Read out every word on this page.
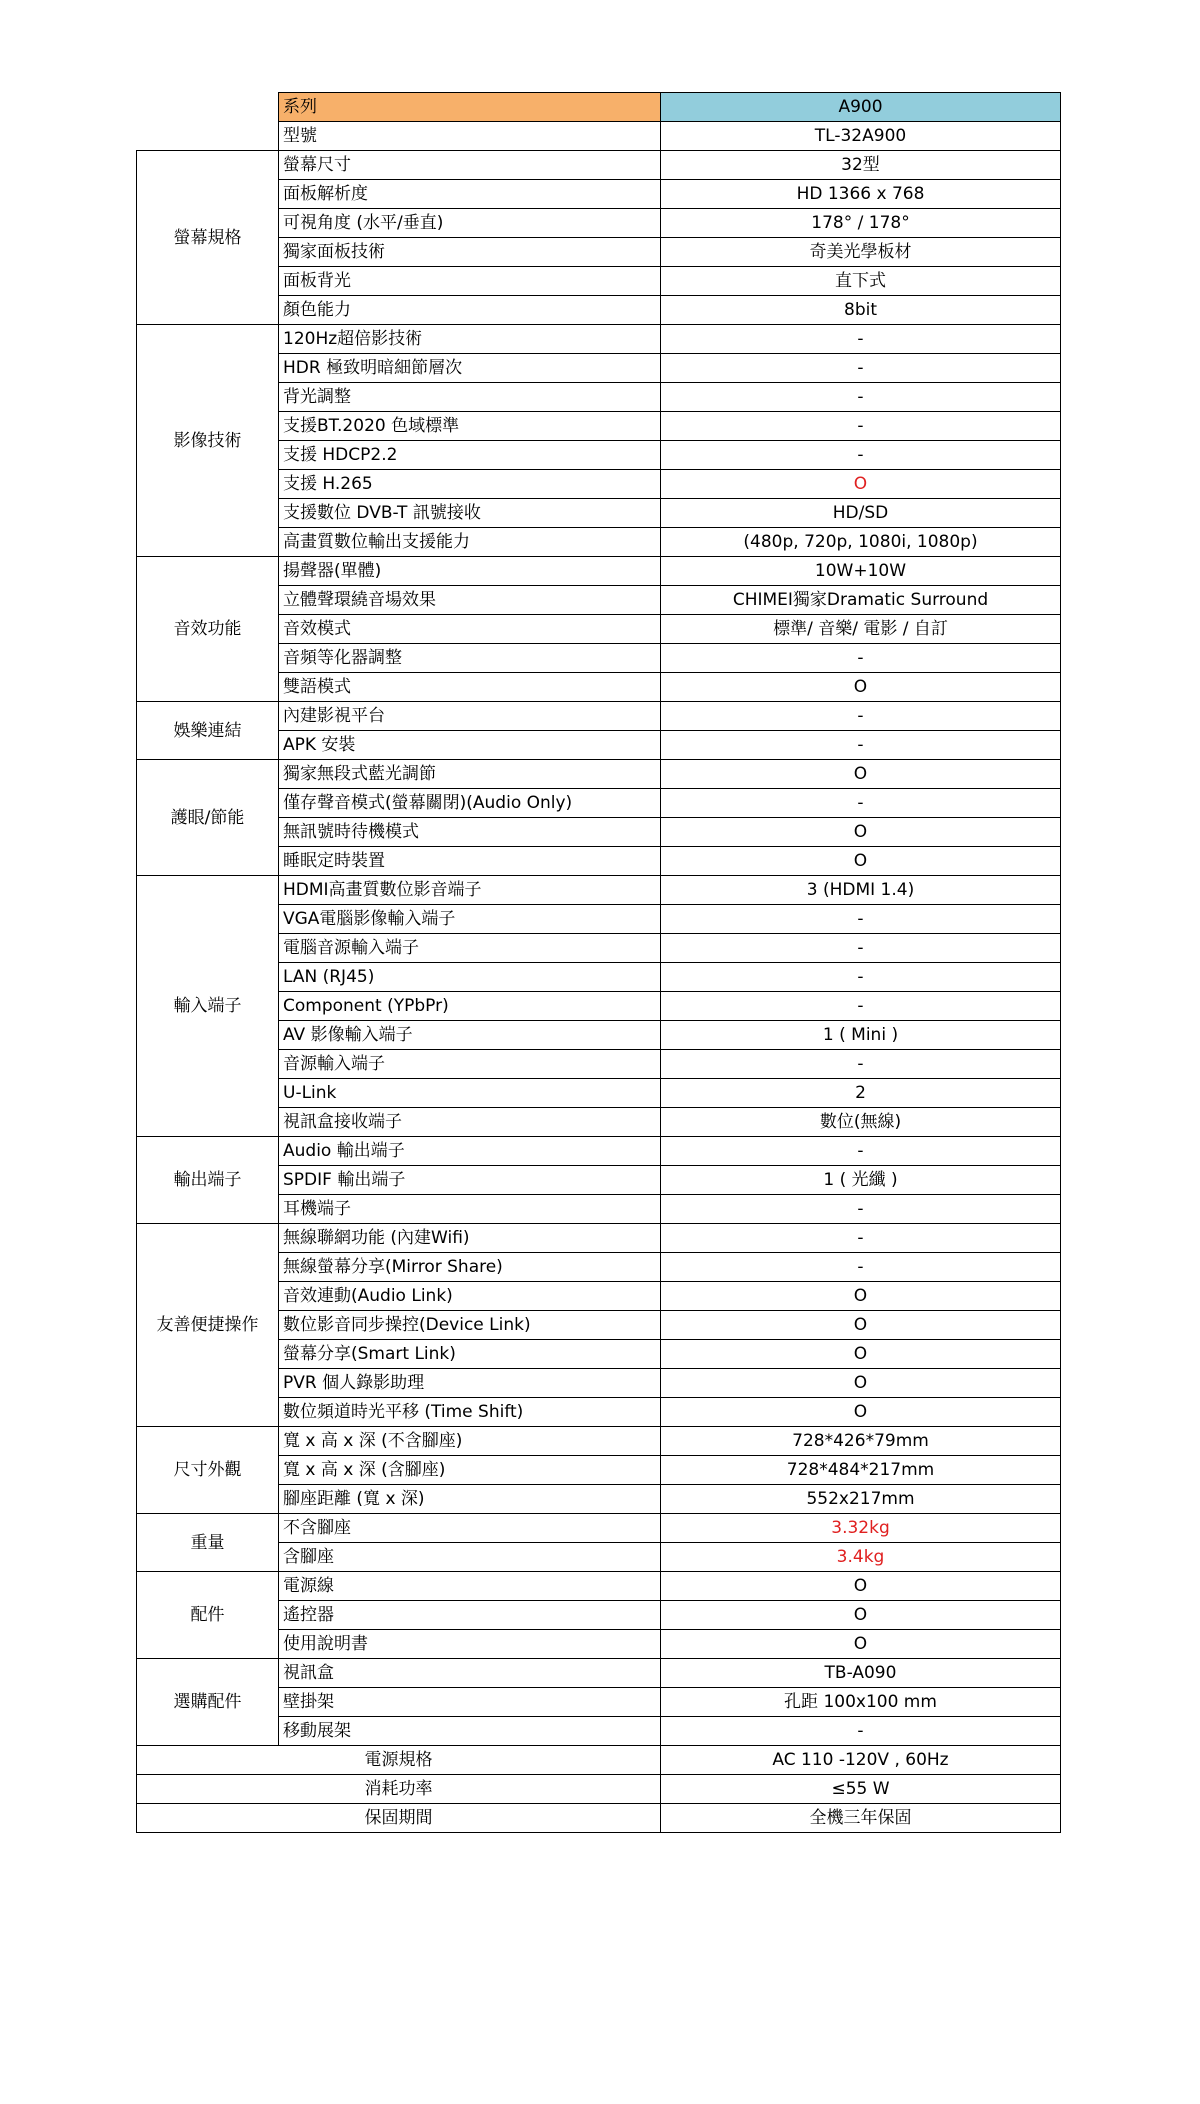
	系列	A900
	型號	TL-32A900
螢幕規格	螢幕尺寸	32型
	面板解析度	HD 1366 x 768
	可視角度 (水平/垂直)	178° / 178°
	獨家面板技術	奇美光學板材
	面板背光	直下式
	顏色能力	8bit
影像技術	120Hz超倍影技術	-
	HDR 極致明暗細節層次	-
	背光調整	-
	支援BT.2020 色域標準	-
	支援 HDCP2.2	-
	支援 H.265	O
	支援數位 DVB-T 訊號接收	HD/SD
	高畫質數位輸出支援能力	(480p, 720p, 1080i, 1080p)
音效功能	揚聲器(單體)	10W+10W
	立體聲環繞音場效果	CHIMEI獨家Dramatic Surround
	音效模式	標準/ 音樂/ 電影 / 自訂
	音頻等化器調整	-
	雙語模式	O
娛樂連結	內建影視平台	-
	APK 安裝	-
護眼/節能	獨家無段式藍光調節	O
	僅存聲音模式(螢幕關閉)(Audio Only)	-
	無訊號時待機模式	O
	睡眠定時裝置	O
輸入端子	HDMI高畫質數位影音端子	3 (HDMI 1.4)
	VGA電腦影像輸入端子	-
	電腦音源輸入端子	-
	LAN (RJ45)	-
	Component (YPbPr)	-
	AV 影像輸入端子	1 ( Mini )
	音源輸入端子	-
	U-Link	2
	視訊盒接收端子	數位(無線)
輸出端子	Audio 輸出端子	-
	SPDIF 輸出端子	1 ( 光纖 )
	耳機端子	-
友善便捷操作	無線聯網功能 (內建Wifi)	-
	無線螢幕分享(Mirror Share)	-
	音效連動(Audio Link)	O
	數位影音同步操控(Device Link)	O
	螢幕分享(Smart Link)	O
	PVR 個人錄影助理	O
	數位頻道時光平移 (Time Shift)	O
尺寸外觀	寬 x 高 x 深 (不含腳座)	728*426*79mm
	寬 x 高 x 深 (含腳座)	728*484*217mm
	腳座距離 (寬 x 深)	552x217mm
重量	不含腳座	3.32kg
	含腳座	3.4kg
配件	電源線	O
	遙控器	O
	使用說明書	O
選購配件	視訊盒	TB-A090
	壁掛架	孔距 100x100 mm
	移動展架	-
電源規格		AC 110 -120V , 60Hz
消耗功率		≤55 W
保固期間		全機三年保固
